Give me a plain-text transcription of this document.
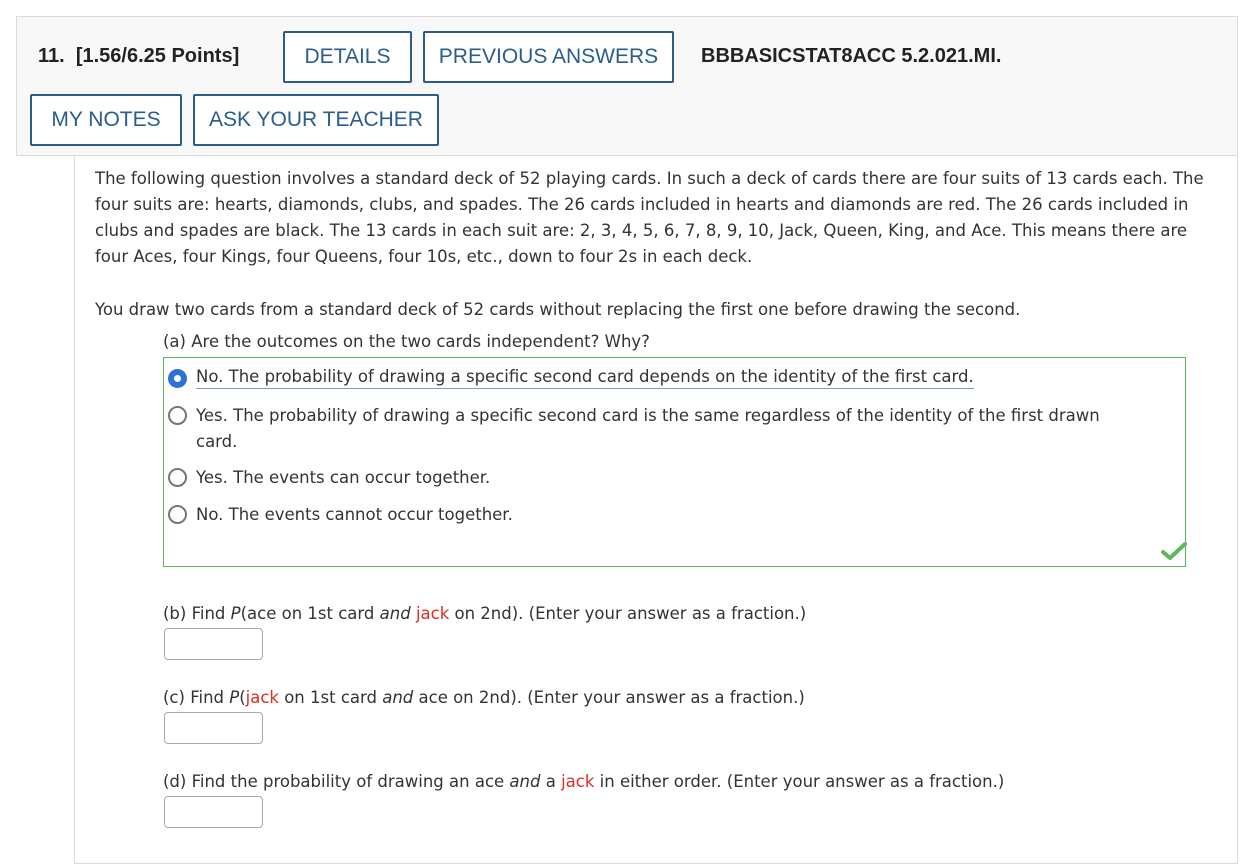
11. [1.56/6.25 Points]	DETAILS	PREVIOUS ANSWERS	BBBASICSTAT8ACC 5.2.021.MI.
MY NOTES	ASK YOUR TEACHER
The following question involves a standard deck of 52 playing cards. In such a deck of cards there are four suits of 13 cards each. The four suits are: hearts, diamonds, clubs, and spades. The 26 cards included in hearts and diamonds are red. The 26 cards included in clubs and spades are black. The 13 cards in each suit are: 2, 3, 4, 5, 6, 7, 8, 9, 10, Jack, Queen, King, and Ace. This means there are four Aces, four Kings, four Queens, four 10s, etc., down to four 2s in each deck.
You draw two cards from a standard deck of 52 cards without replacing the first one before drawing the second.
(a) Are the outcomes on the two cards independent? Why?
No. The probability of drawing a specific second card depends on the identity of the first card.
Yes. The probability of drawing a specific second card is the same regardless of the identity of the first drawn card.
Yes. The events can occur together.
No. The events cannot occur together.
(b) Find P(ace on 1st card and jack on 2nd). (Enter your answer as a fraction.)
(c) Find P(jack on 1st card and ace on 2nd). (Enter your answer as a fraction.)
(d) Find the probability of drawing an ace and a jack in either order. (Enter your answer as a fraction.)
